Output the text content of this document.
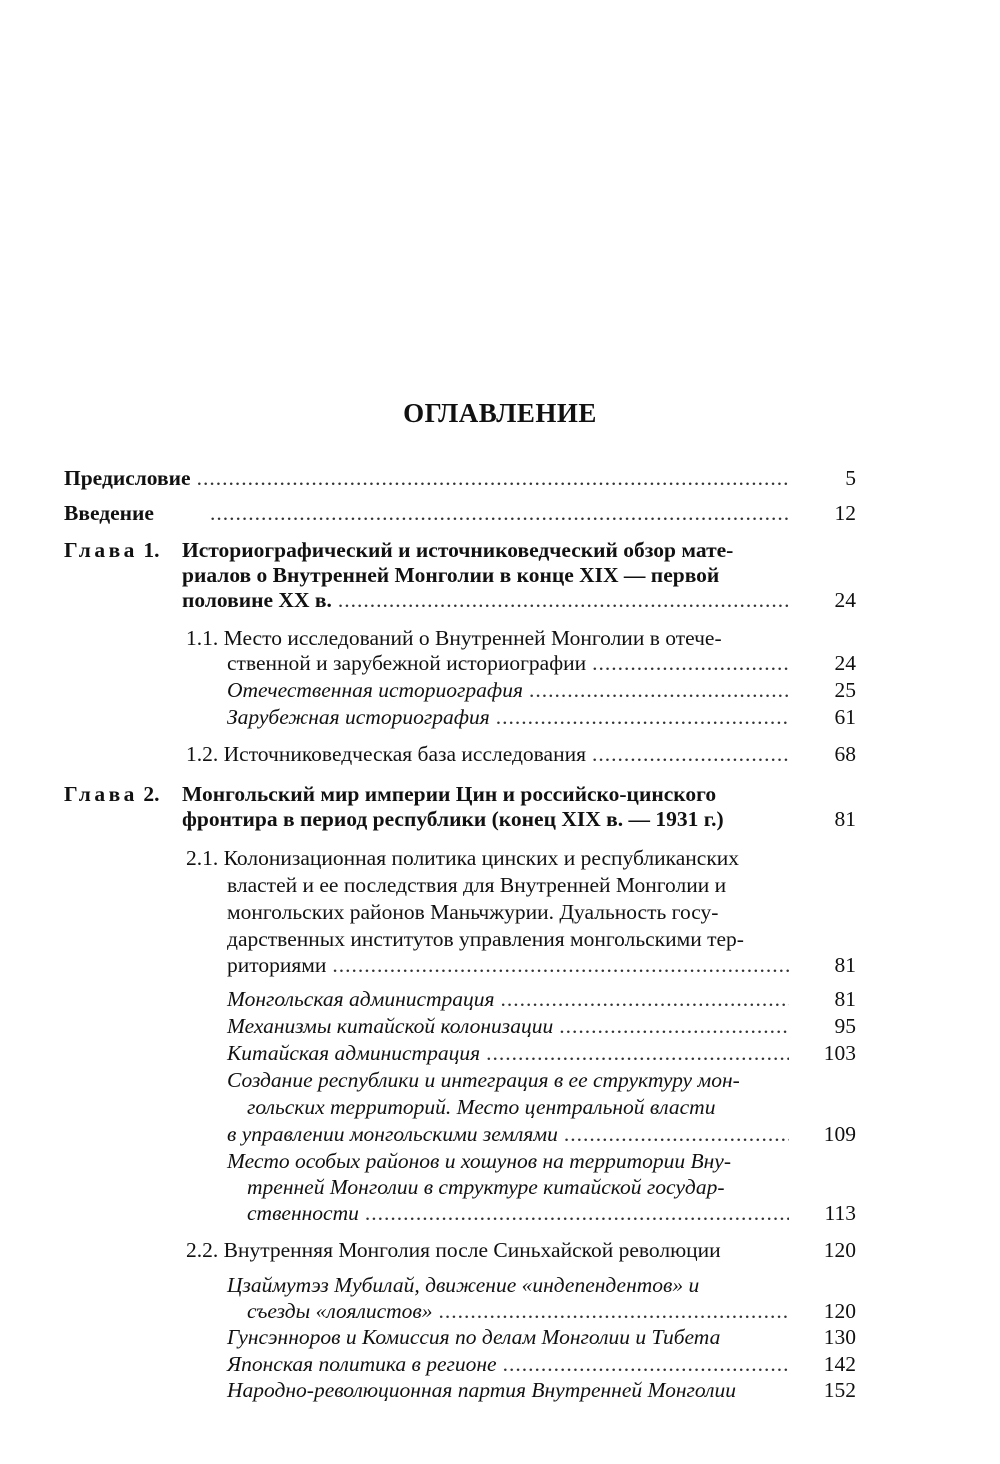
ОГЛАВЛЕНИЕ
Предисловие .....	5
Введение .....	12
Глава 1. Историографический и источниковедческий обзор мате-
риалов о Внутренней Монголии в конце XIX — первой
половине XX в. .....	24
1.1. Место исследований о Внутренней Монголии в отече-
ственной и зарубежной историографии .....	24
Отечественная историография .....	25
Зарубежная историография .....	61
1.2. Источниковедческая база исследования .....	68
Глава 2. Монгольский мир империи Цин и российско-цинского
фронтира в период республики (конец XIX в. — 1931 г.)	81
2.1. Колонизационная политика цинских и республиканских
властей и ее последствия для Внутренней Монголии и
монгольских районов Маньчжурии. Дуальность госу-
дарственных институтов управления монгольскими тер-
риториями .....	81
Монгольская администрация .....	81
Механизмы китайской колонизации .....	95
Китайская администрация .....	103
Создание республики и интеграция в ее структуру мон-
гольских территорий. Место центральной власти
в управлении монгольскими землями .....	109
Место особых районов и хошунов на территории Вну-
тренней Монголии в структуре китайской государ-
ственности .....	113
2.2. Внутренняя Монголия после Синьхайской революции	120
Цзаймутэз Мубилай, движение «индепендентов» и
съезды «лоялистов» .....	120
Гунсэнноров и Комиссия по делам Монголии и Тибета	130
Японская политика в регионе .....	142
Народно-революционная партия Внутренней Монголии	152
